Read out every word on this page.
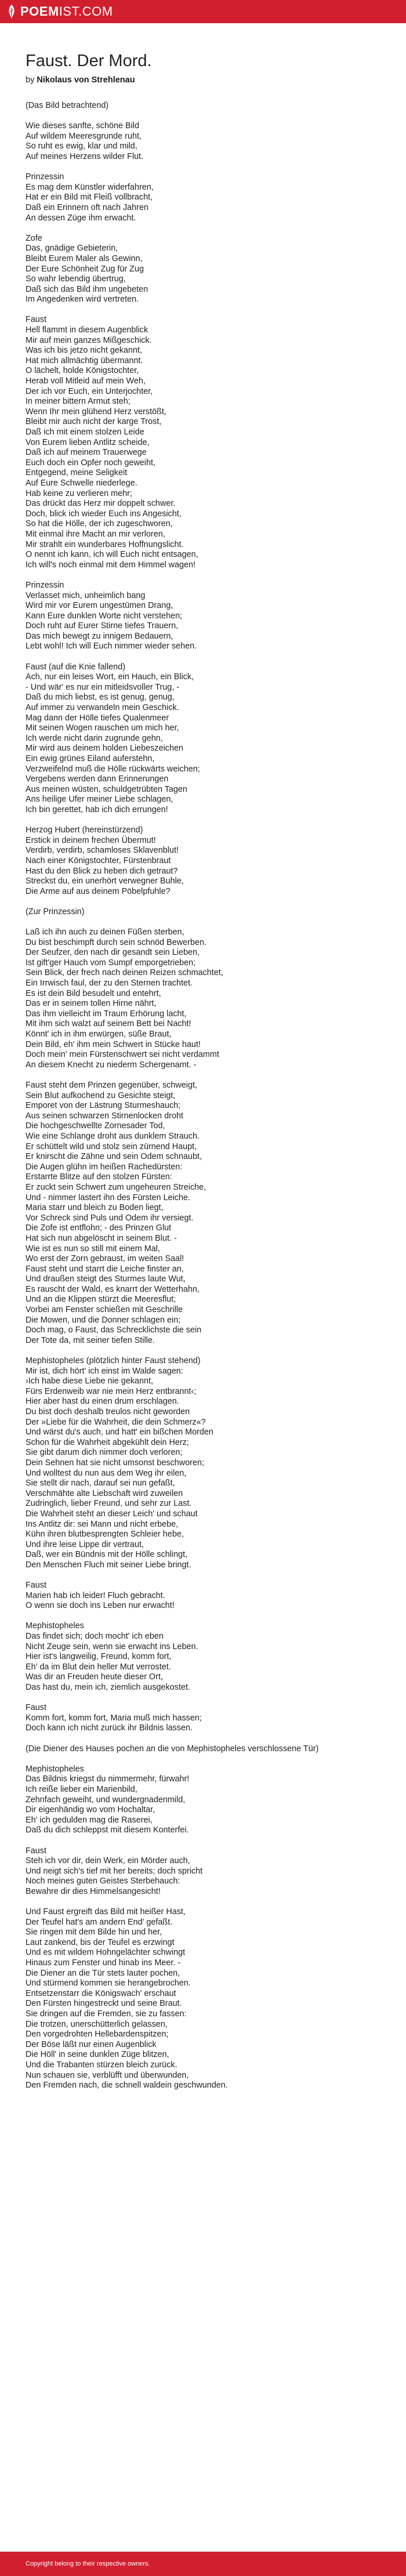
POEMIST.COM
Faust. Der Mord.
by Nikolaus von Strehlenau
(Das Bild betrachtend)
Wie dieses sanfte, schöne Bild
Auf wildem Meeresgrunde ruht,
So ruht es ewig, klar und mild,
Auf meines Herzens wilder Flut.
Prinzessin
Es mag dem Künstler widerfahren,
Hat er ein Bild mit Fleiß vollbracht,
Daß ein Erinnern oft nach Jahren
An dessen Züge ihm erwacht.
Zofe
Das, gnädige Gebieterin,
Bleibt Eurem Maler als Gewinn,
Der Eure Schönheit Zug für Zug
So wahr lebendig übertrug,
Daß sich das Bild ihm ungebeten
Im Angedenken wird vertreten.
Faust
Hell flammt in diesem Augenblick
Mir auf mein ganzes Mißgeschick.
Was ich bis jetzo nicht gekannt,
Hat mich allmächtig übermannt.
O lächelt, holde Königstochter,
Herab voll Mitleid auf mein Weh,
Der ich vor Euch, ein Unterjochter,
In meiner bittern Armut steh;
Wenn Ihr mein glühend Herz verstößt,
Bleibt mir auch nicht der karge Trost,
Daß ich mit einem stolzen Leide
Von Eurem lieben Antlitz scheide,
Daß ich auf meinem Trauerwege
Euch doch ein Opfer noch geweiht,
Entgegend, meine Seligkeit
Auf Eure Schwelle niederlege.
Hab keine zu verlieren mehr;
Das drückt das Herz mir doppelt schwer.
Doch, blick ich wieder Euch ins Angesicht,
So hat die Hölle, der ich zugeschworen,
Mit einmal ihre Macht an mir verloren,
Mir strahlt ein wunderbares Hoffnungslicht.
O nennt ich kann, ich will Euch nicht entsagen,
Ich will's noch einmal mit dem Himmel wagen!
Prinzessin
Verlasset mich, unheimlich bang
Wird mir vor Eurem ungestümen Drang,
Kann Eure dunklen Worte nicht verstehen;
Doch ruht auf Eurer Stirne tiefes Trauern,
Das mich bewegt zu innigem Bedauern,
Lebt wohl! Ich will Euch nimmer wieder sehen.
Faust (auf die Knie fallend)
Ach, nur ein leises Wort, ein Hauch, ein Blick,
- Und wär' es nur ein mitleidsvoller Trug, -
Daß du mich liebst, es ist genug, genug,
Auf immer zu verwandeln mein Geschick.
Mag dann der Hölle tiefes Qualenmeer
Mit seinen Wogen rauschen um mich her,
Ich werde nicht darin zugrunde gehn,
Mir wird aus deinem holden Liebeszeichen
Ein ewig grünes Eiland auferstehn,
Verzweifelnd muß die Hölle rückwärts weichen;
Vergebens werden dann Erinnerungen
Aus meinen wüsten, schuldgetrübten Tagen
Ans heilige Ufer meiner Liebe schlagen,
Ich bin gerettet, hab ich dich errungen!
Herzog Hubert (hereinstürzend)
Erstick in deinem frechen Übermut!
Verdirb, verdirb, schamloses Sklavenblut!
Nach einer Königstochter, Fürstenbraut
Hast du den Blick zu heben dich getraut?
Streckst du, ein unerhört verwegner Buhle,
Die Arme auf aus deinem Pöbelpfuhle?
(Zur Prinzessin)
Laß ich ihn auch zu deinen Füßen sterben,
Du bist beschimpft durch sein schnöd Bewerben.
Der Seufzer, den nach dir gesandt sein Lieben,
Ist gift'ger Hauch vom Sumpf emporgetrieben;
Sein Blick, der frech nach deinen Reizen schmachtet,
Ein Irrwisch faul, der zu den Sternen trachtet.
Es ist dein Bild besudelt und entehrt,
Das er in seinem tollen Hirne nährt,
Das ihm vielleicht im Traum Erhörung lacht,
Mit ihm sich walzt auf seinem Bett bei Nacht!
Könnt' ich in ihm erwürgen, süße Braut,
Dein Bild, eh' ihm mein Schwert in Stücke haut!
Doch mein' mein Fürstenschwert sei nicht verdammt
An diesem Knecht zu niederm Schergenamt. -
Faust steht dem Prinzen gegenüber, schweigt,
Sein Blut aufkochend zu Gesichte steigt,
Emporet von der Lästrung Sturmeshauch;
Aus seinen schwarzen Stirnenlocken droht
Die hochgeschwellte Zornesader Tod,
Wie eine Schlange droht aus dunklem Strauch.
Er schüttelt wild und stolz sein zürnend Haupt,
Er knirscht die Zähne und sein Odem schnaubt,
Die Augen glühn im heißen Rachedürsten:
Erstarrte Blitze auf den stolzen Fürsten:
Er zuckt sein Schwert zum ungeheuren Streiche,
Und - nimmer lastert ihn des Fürsten Leiche.
Maria starr und bleich zu Boden liegt,
Vor Schreck sind Puls und Odem ihr versiegt.
Die Zofe ist entflohn; - des Prinzen Glut
Hat sich nun abgelöscht in seinem Blut. -
Wie ist es nun so still mit einem Mal,
Wo erst der Zorn gebraust, im weiten Saal!
Faust steht und starrt die Leiche finster an,
Und draußen steigt des Sturmes laute Wut,
Es rauscht der Wald, es knarrt der Wetterhahn,
Und an die Klippen stürzt die Meeresflut;
Vorbei am Fenster schießen mit Geschrille
Die Mowen, und die Donner schlagen ein;
Doch mag, o Faust, das Schrecklichste die sein
Der Tote da, mit seiner tiefen Stille.
Mephistopheles (plötzlich hinter Faust stehend)
Mir ist, dich hört' ich einst im Walde sagen:
›Ich habe diese Liebe nie gekannt,
Fürs Erdenweib war nie mein Herz entbrannt‹;
Hier aber hast du einen drum erschlagen.
Du bist doch deshalb treulos nicht geworden
Der »Liebe für die Wahrheit, die dein Schmerz«?
Und wärst du's auch, und hatt' ein bißchen Morden
Schon für die Wahrheit abgekühlt dein Herz;
Sie gibt darum dich nimmer doch verloren;
Dein Sehnen hat sie nicht umsonst beschworen;
Und wolltest du nun aus dem Weg ihr eilen,
Sie stellt dir nach, darauf sei nun gefaßt,
Verschmähte alte Liebschaft wird zuweilen
Zudringlich, lieber Freund, und sehr zur Last.
Die Wahrheit steht an dieser Leich' und schaut
Ins Antlitz dir: sei Mann und nicht erbebe,
Kühn ihren blutbesprengten Schleier hebe,
Und ihre leise Lippe dir vertraut,
Daß, wer ein Bündnis mit der Hölle schlingt,
Den Menschen Fluch mit seiner Liebe bringt.
Faust
Marien hab ich leider! Fluch gebracht.
O wenn sie doch ins Leben nur erwacht!
Mephistopheles
Das findet sich; doch mocht' ich eben
Nicht Zeuge sein, wenn sie erwacht ins Leben.
Hier ist's langweilig, Freund, komm fort,
Eh' da im Blut dein heller Mut verrostet.
Was dir an Freuden heute dieser Ort,
Das hast du, mein ich, ziemlich ausgekostet.
Faust
Komm fort, komm fort, Maria muß mich hassen;
Doch kann ich nicht zurück ihr Bildnis lassen.
(Die Diener des Hauses pochen an die von Mephistopheles verschlossene Tür)
Mephistopheles
Das Bildnis kriegst du nimmermehr, fürwahr!
Ich reiße lieber ein Marienbild,
Zehnfach geweiht, und wundergnadenmild,
Dir eigenhändig wo vom Hochaltar,
Eh' ich gedulden mag die Raserei,
Daß du dich schleppst mit diesem Konterfei.
Faust
Steh ich vor dir, dein Werk, ein Mörder auch,
Und neigt sich's tief mit her bereits; doch spricht
Noch meines guten Geistes Sterbehauch:
Bewahre dir dies Himmelsangesicht!
Und Faust ergreift das Bild mit heißer Hast,
Der Teufel hat's am andern End' gefaßt.
Sie ringen mit dem Bilde hin und her,
Laut zankend, bis der Teufel es erzwingt
Und es mit wildem Hohngelächter schwingt
Hinaus zum Fenster und hinab ins Meer. -
Die Diener an die Tür stets lauter pochen,
Und stürmend kommen sie herangebrochen.
Entsetzenstarr die Königswach' erschaut
Den Fürsten hingestreckt und seine Braut.
Sie dringen auf die Fremden, sie zu fassen:
Die trotzen, unerschütterlich gelassen,
Den vorgedrohten Hellebardenspitzen;
Der Böse läßt nur einen Augenblick
Die Höll' in seine dunklen Züge blitzen,
Und die Trabanten stürzen bleich zurück.
Nun schauen sie, verblüfft und überwunden,
Den Fremden nach, die schnell waldein geschwunden.
Copyright belong to their respective owners.
